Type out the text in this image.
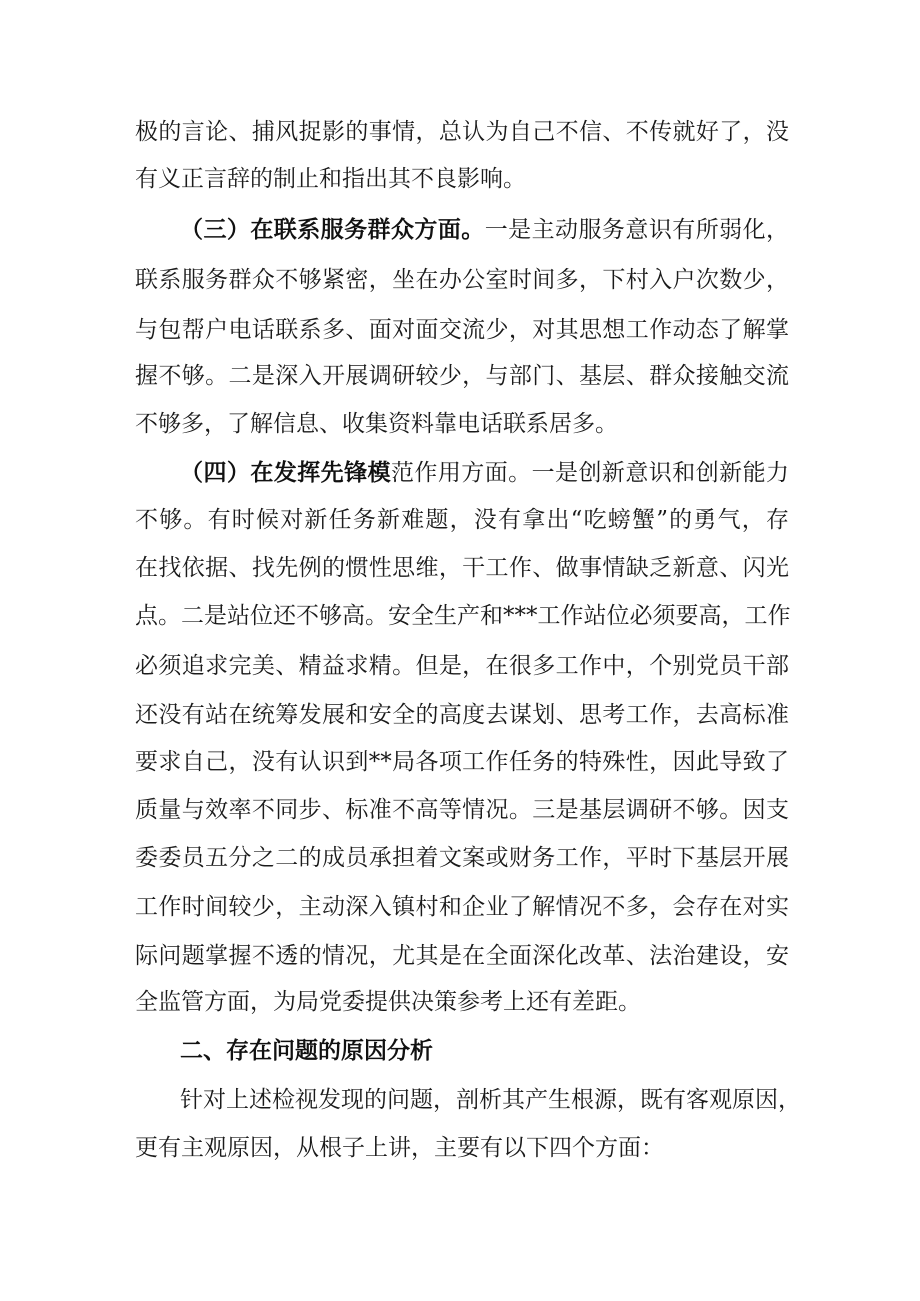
极的言论、捕风捉影的事情，总认为自己不信、不传就好了，没
有义正言辞的制止和指出其不良影响。
（三）在联系服务群众方面。一是主动服务意识有所弱化，
联系服务群众不够紧密，坐在办公室时间多，下村入户次数少，
与包帮户电话联系多、面对面交流少，对其思想工作动态了解掌
握不够。二是深入开展调研较少，与部门、基层、群众接触交流
不够多，了解信息、收集资料靠电话联系居多。
（四）在发挥先锋模范作用方面。一是创新意识和创新能力
不够。有时候对新任务新难题，没有拿出“吃螃蟹”的勇气，存
在找依据、找先例的惯性思维，干工作、做事情缺乏新意、闪光
点。二是站位还不够高。安全生产和***工作站位必须要高，工作
必须追求完美、精益求精。但是，在很多工作中，个别党员干部
还没有站在统筹发展和安全的高度去谋划、思考工作，去高标准
要求自己，没有认识到**局各项工作任务的特殊性，因此导致了
质量与效率不同步、标准不高等情况。三是基层调研不够。因支
委委员五分之二的成员承担着文案或财务工作，平时下基层开展
工作时间较少，主动深入镇村和企业了解情况不多，会存在对实
际问题掌握不透的情况，尤其是在全面深化改革、法治建设，安
全监管方面，为局党委提供决策参考上还有差距。
二、存在问题的原因分析
针对上述检视发现的问题，剖析其产生根源，既有客观原因，
更有主观原因，从根子上讲，主要有以下四个方面：
